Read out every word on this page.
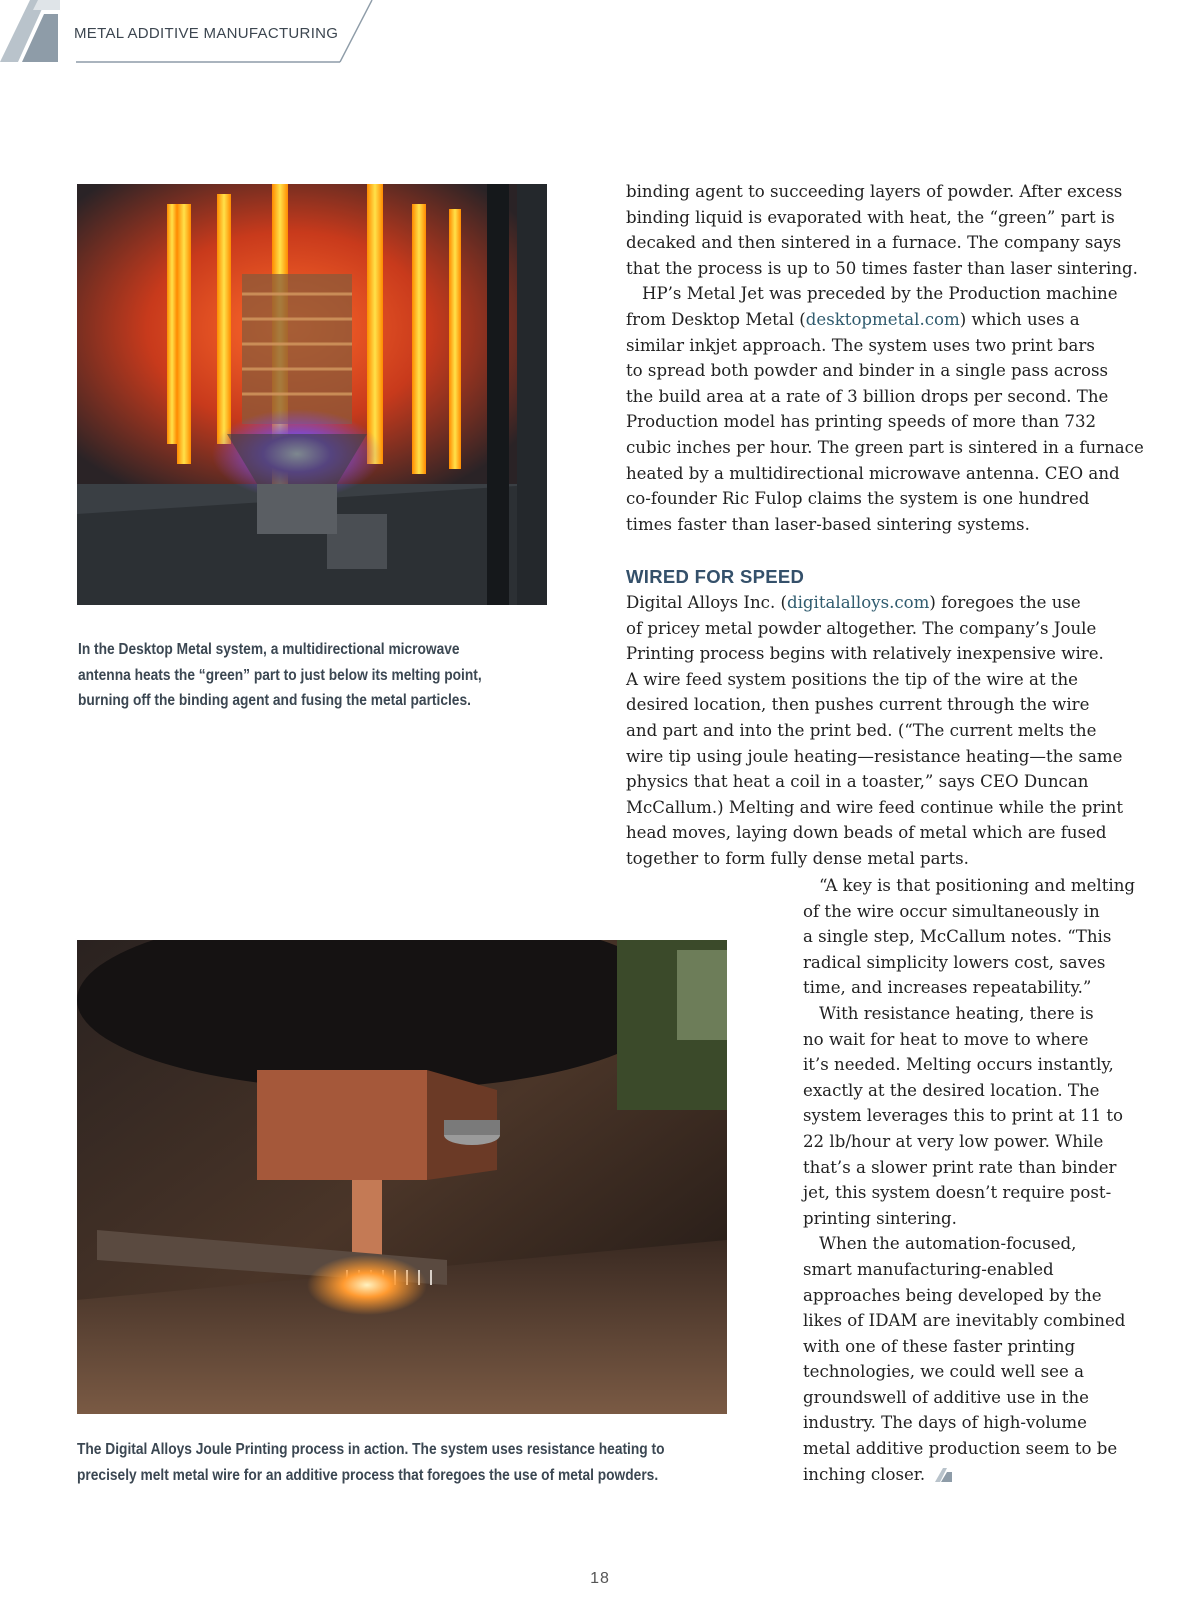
METAL ADDITIVE MANUFACTURING
In the Desktop Metal system, a multidirectional microwave
antenna heats the “green” part to just below its melting point,
burning off the binding agent and fusing the metal particles.
The Digital Alloys Joule Printing process in action. The system uses resistance heating to
precisely melt metal wire for an additive process that foregoes the use of metal powders.

binding agent to succeeding layers of powder. After excess
binding liquid is evaporated with heat, the “green” part is
decaked and then sintered in a furnace. The company says
that the process is up to 50 times faster than laser sintering.

HP’s Metal Jet was preceded by the Production machine
from Desktop Metal (desktopmetal.com) which uses a
similar inkjet approach. The system uses two print bars
to spread both powder and binder in a single pass across
the build area at a rate of 3 billion drops per second. The
Production model has printing speeds of more than 732
cubic inches per hour. The green part is sintered in a furnace
heated by a multidirectional microwave antenna. CEO and
co-founder Ric Fulop claims the system is one hundred
times faster than laser-based sintering systems.

WIRED FOR SPEED

Digital Alloys Inc. (digitalalloys.com) foregoes the use
of pricey metal powder altogether. The company’s Joule
Printing process begins with relatively inexpensive wire.
A wire feed system positions the tip of the wire at the
desired location, then pushes current through the wire
and part and into the print bed. (“The current melts the
wire tip using joule heating—resistance heating—the same
physics that heat a coil in a toaster,” says CEO Duncan
McCallum.) Melting and wire feed continue while the print
head moves, laying down beads of metal which are fused
together to form fully dense metal parts.

“A key is that positioning and melting
of the wire occur simultaneously in
a single step, McCallum notes. “This
radical simplicity lowers cost, saves
time, and increases repeatability.”

With resistance heating, there is
no wait for heat to move to where
it’s needed. Melting occurs instantly,
exactly at the desired location. The
system leverages this to print at 11 to
22 lb/hour at very low power. While
that’s a slower print rate than binder
jet, this system doesn’t require post-
printing sintering.

When the automation-focused,
smart manufacturing-enabled
approaches being developed by the
likes of IDAM are inevitably combined
with one of these faster printing
technologies, we could well see a
groundswell of additive use in the
industry. The days of high-volume
metal additive production seem to be
inching closer.

18
